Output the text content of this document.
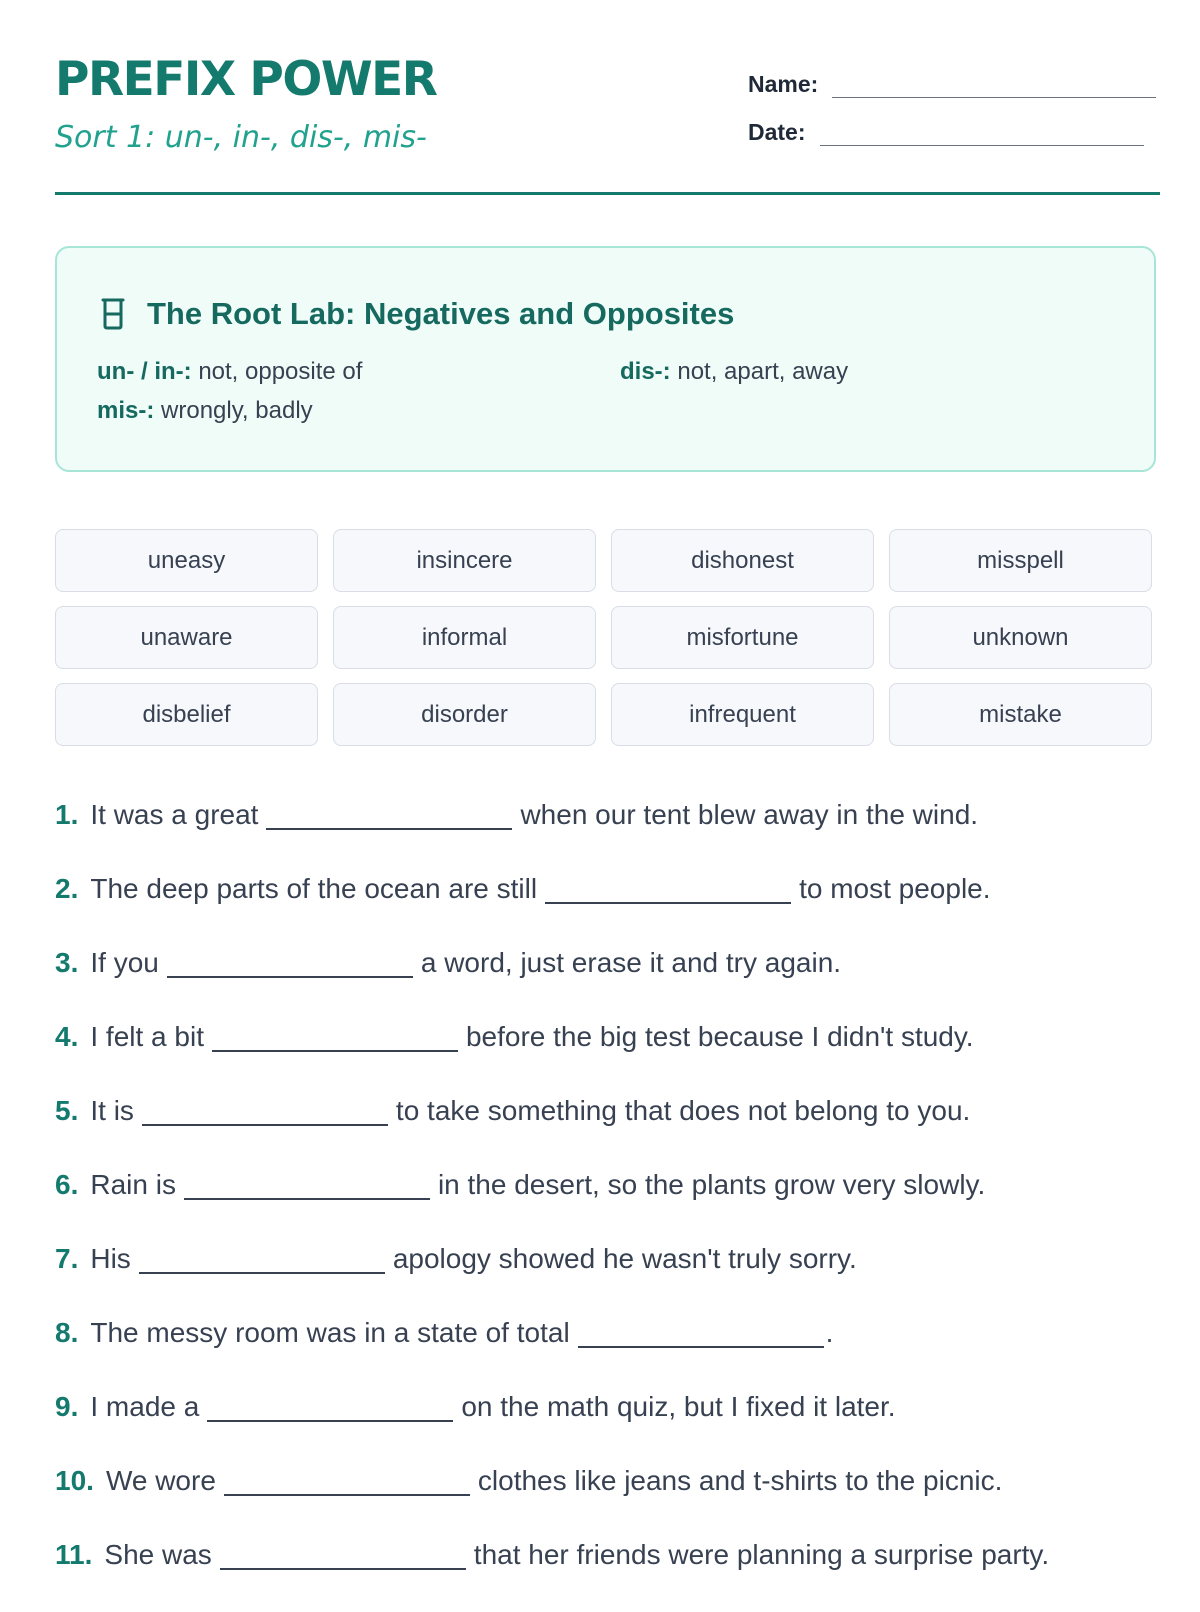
PREFIX POWER
Sort 1: un-, in-, dis-, mis-
Name:
Date:
The Root Lab: Negatives and Opposites
un- / in-: not, opposite of	dis-: not, apart, away
mis-: wrongly, badly
uneasy	insincere	dishonest	misspell
unaware	informal	misfortune	unknown
disbelief	disorder	infrequent	mistake
1. It was a great	when our tent blew away in the wind.
2. The deep parts of the ocean are still	to most people.
3. If you	a word, just erase it and try again.
4. I felt a bit	before the big test because I didn't study.
5. It is	to take something that does not belong to you.
6. Rain is	in the desert, so the plants grow very slowly.
7. His	apology showed he wasn't truly sorry.
8. The messy room was in a state of total	.
9. I made a	on the math quiz, but I fixed it later.
10. We wore	clothes like jeans and t-shirts to the picnic.
11. She was	that her friends were planning a surprise party.
